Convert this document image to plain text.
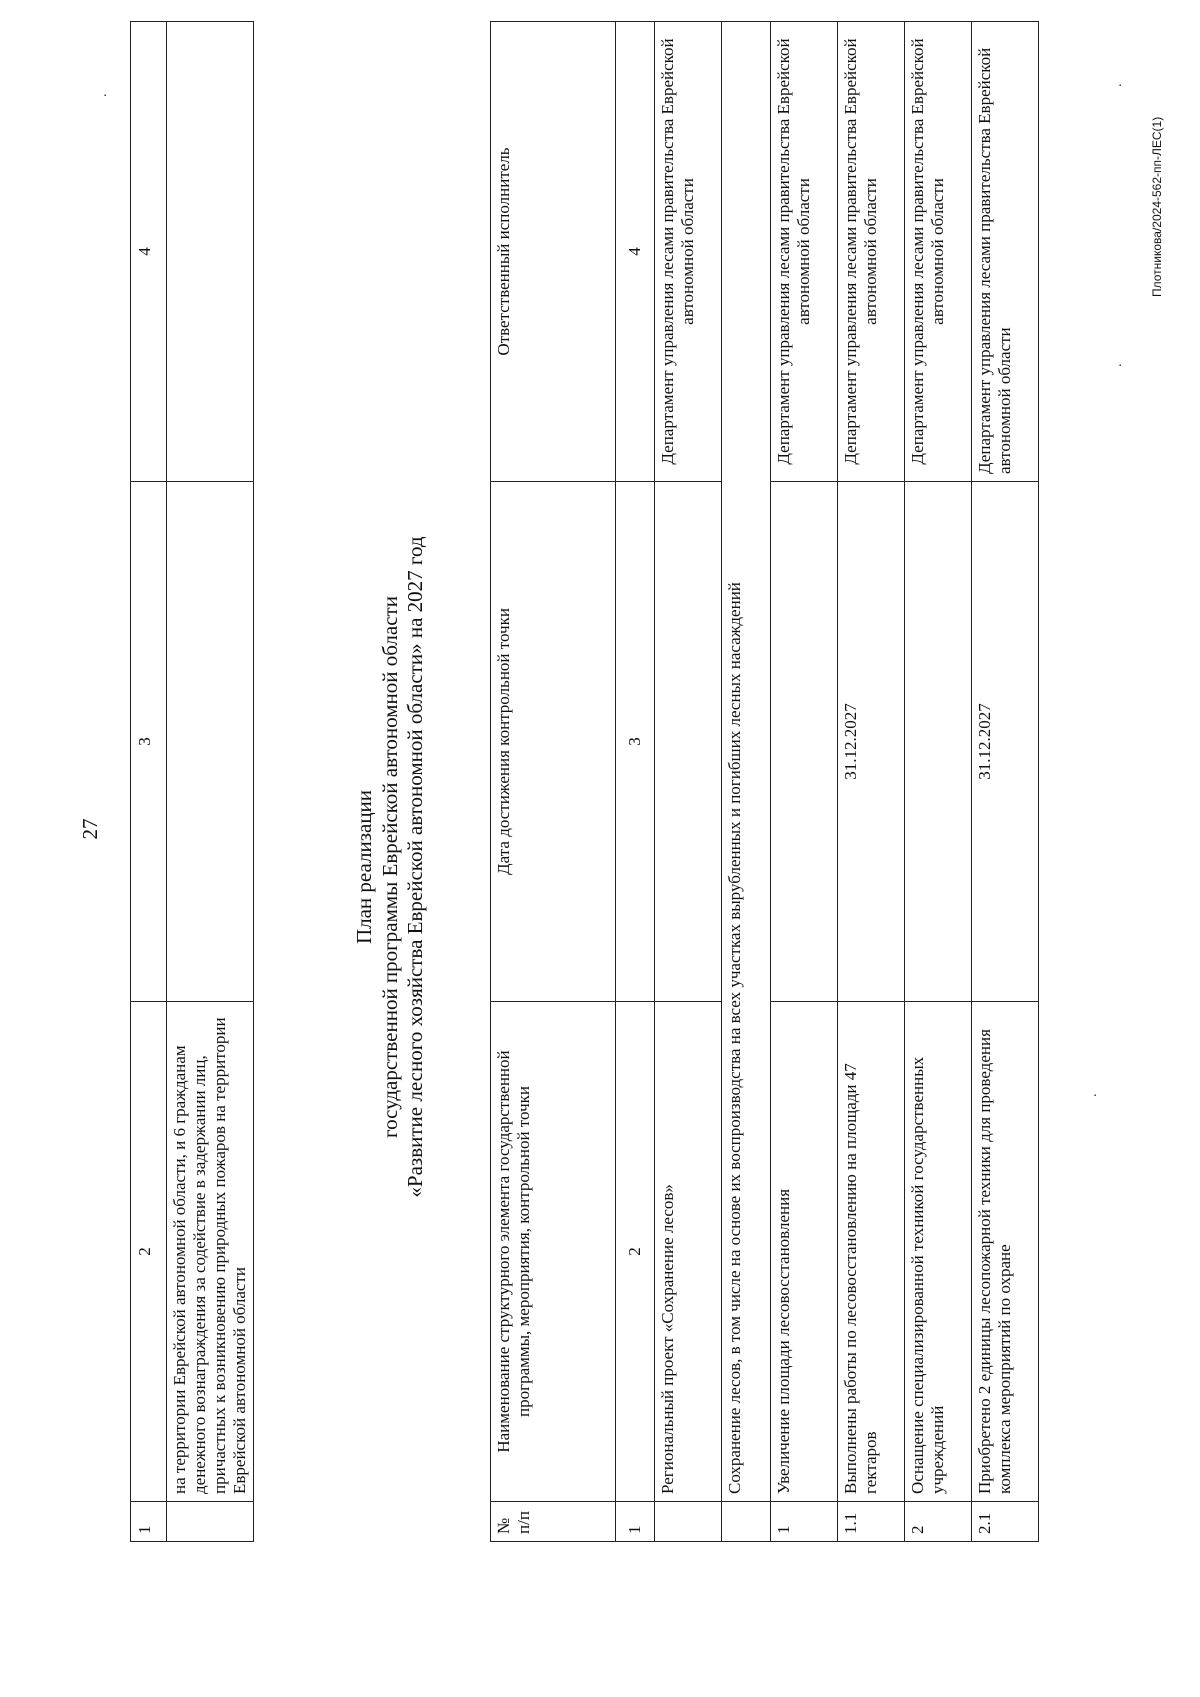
27
.
.
.
.
1	2	3	4
	на территории Еврейской автономной области, и 6 гражданам денежного вознаграждения за содействие в задержании лиц, причастных к возникновению природных пожаров на территории Еврейской автономной области		
План реализации государственной программы Еврейской автономной области «Развитие лесного хозяйства Еврейской автономной области» на 2027 год
№ п/п	Наименование структурного элемента государственной программы, мероприятия, контрольной точки	Дата достижения контрольной точки	Ответственный исполнитель
1	2	3	4
	Региональный проект «Сохранение лесов»		Департамент управления лесами правительства Еврейской автономной области
	Сохранение лесов, в том числе на основе их воспроизводства на всех участках вырубленных и погибших лесных насаждений		
1	Увеличение площади лесовосстановления		Департамент управления лесами правительства Еврейской автономной области
1.1	Выполнены работы по лесовосстановлению на площади 47 гектаров	31.12.2027	Департамент управления лесами правительства Еврейской автономной области
2	Оснащение специализированной техникой государственных учреждений		Департамент управления лесами правительства Еврейской автономной области
2.1	Приобретено 2 единицы лесопожарной техники для проведения комплекса мероприятий по охране	31.12.2027	Департамент управления лесами правительства Еврейской автономной области
Плотникова/2024-562-пп-ЛЕС(1)
